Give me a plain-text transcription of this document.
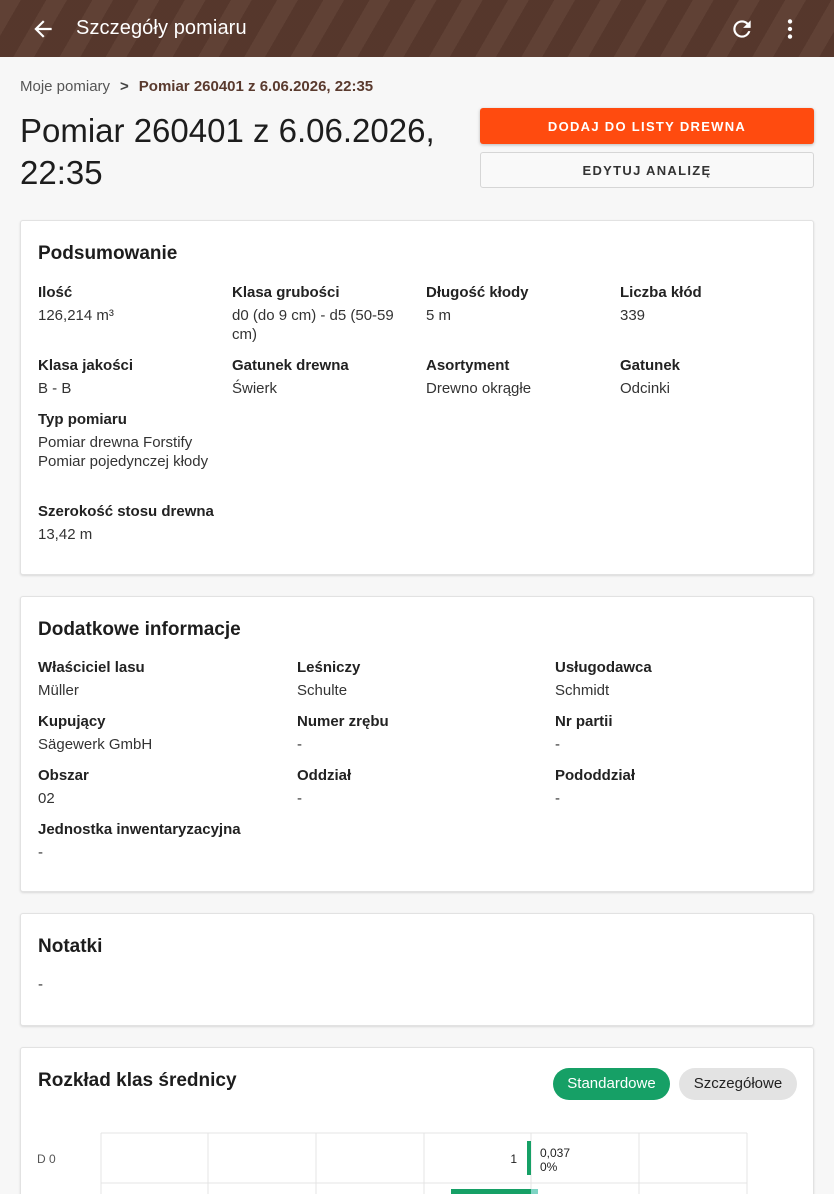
Szczegóły pomiaru
Moje pomiary > Pomiar 260401 z 6.06.2026, 22:35
Pomiar 260401 z 6.06.2026, 22:35
DODAJ DO LISTY DREWNA
EDYTUJ ANALIZĘ
Podsumowanie
Ilość
126,214 m³
Klasa grubości
d0 (do 9 cm) - d5 (50-59 cm)
Długość kłody
5 m
Liczba kłód
339
Klasa jakości
B - B
Gatunek drewna
Świerk
Asortyment
Drewno okrągłe
Gatunek
Odcinki
Typ pomiaru
Pomiar drewna Forstify Pomiar pojedynczej kłody
Szerokość stosu drewna
13,42 m
Dodatkowe informacje
Właściciel lasu
Müller
Leśniczy
Schulte
Usługodawca
Schmidt
Kupujący
Sägewerk GmbH
Numer zrębu
-
Nr partii
-
Obszar
02
Oddział
-
Pododdział
-
Jednostka inwentaryzacyjna
-
Notatki
-
Rozkład klas średnicy	Standardowe	Szczegółowe
D 0	1 0,037
0%
